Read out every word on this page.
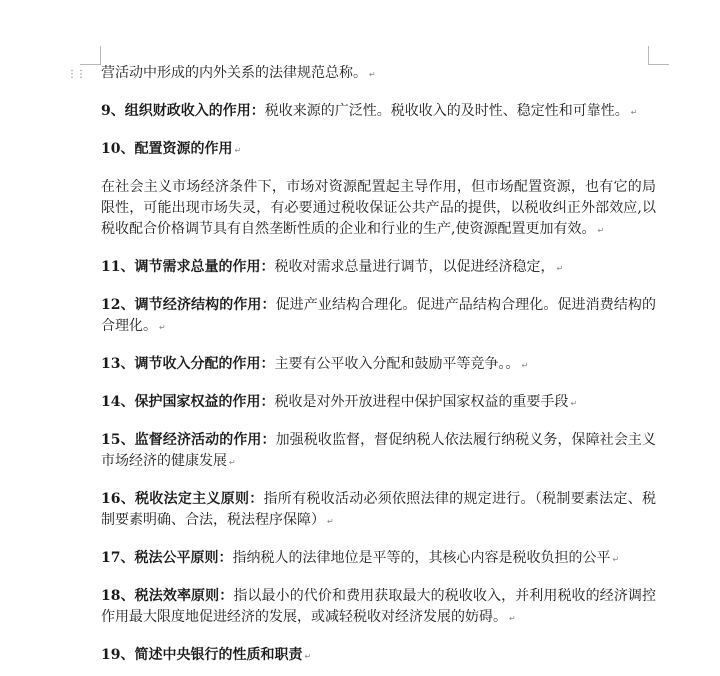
⋮⋮ 营活动中形成的内外关系的法律规范总称。 ↵

9、组织财政收入的作用：税收来源的广泛性。税收收入的及时性、稳定性和可靠性。 ↵

10、配置资源的作用 ↵

在社会主义市场经济条件下，市场对资源配置起主导作用，但市场配置资源，也有它的局限性，可能出现市场失灵，有必要通过税收保证公共产品的提供，以税收纠正外部效应,以税收配合价格调节具有自然垄断性质的企业和行业的生产,使资源配置更加有效。 ↵

11、调节需求总量的作用：税收对需求总量进行调节，以促进经济稳定， ↵

12、调节经济结构的作用：促进产业结构合理化。促进产品结构合理化。促进消费结构的合理化。 ↵

13、调节收入分配的作用：主要有公平收入分配和鼓励平等竞争。。 ↵

14、保护国家权益的作用：税收是对外开放进程中保护国家权益的重要手段 ↵

15、监督经济活动的作用：加强税收监督，督促纳税人依法履行纳税义务，保障社会主义市场经济的健康发展 ↵

16、税收法定主义原则：指所有税收活动必须依照法律的规定进行。（税制要素法定、税制要素明确、合法，税法程序保障） ↵

17、税法公平原则：指纳税人的法律地位是平等的，其核心内容是税收负担的公平 ↵

18、税法效率原则：指以最小的代价和费用获取最大的税收收入，并利用税收的经济调控作用最大限度地促进经济的发展，或减轻税收对经济发展的妨碍。 ↵

19、简述中央银行的性质和职责 ↵
